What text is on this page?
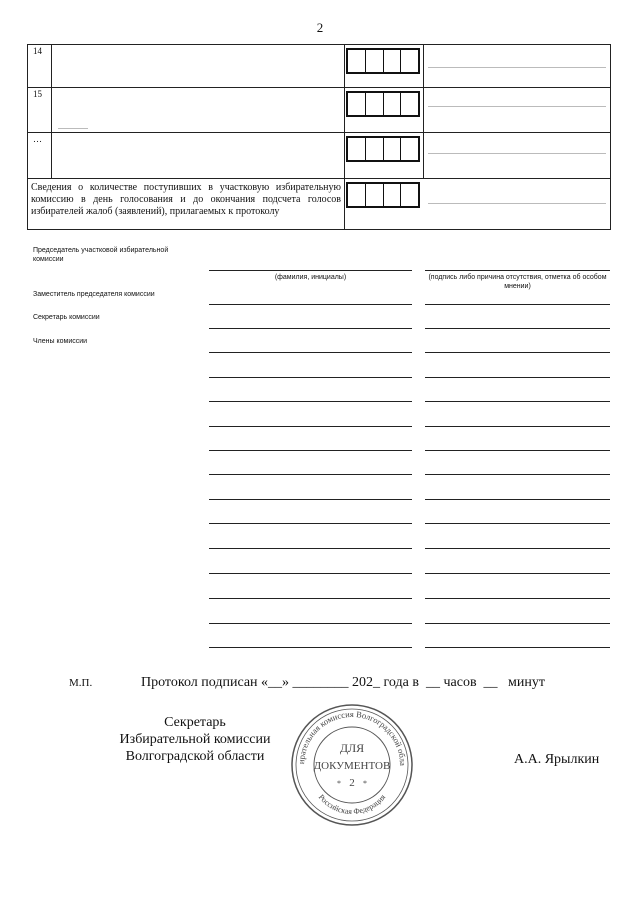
2
14
15
…
Сведения о количестве поступивших в участковую избирательную комиссию в день голосования и до окончания подсчета голосов избирателей жалоб (заявлений), прилагаемых к протоколу
Председатель участковой избирательной комиссии
(фамилия, инициалы)	(подпись либо причина отсутствия, отметка об особом мнении)
Заместитель председателя комиссии
Секретарь комиссии
Члены комиссии
М.П.	Протокол подписан «__» ________ 202_ года в  __ часов  __   минут
Секретарь
Избирательной комиссии
Волгоградской области	А.А. Ярылкин
ирательная комиссия Волгоградской обла
Российская Федерация
ДЛЯ
ДОКУМЕНТОВ
2
*	*
